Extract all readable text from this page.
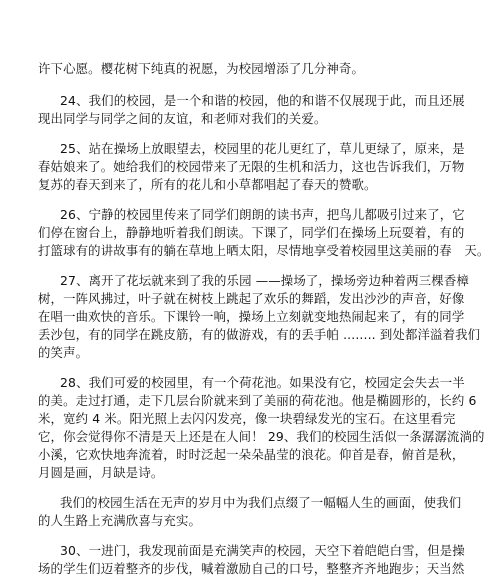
许下心愿。樱花树下纯真的祝愿，为校园增添了几分神奇。
24、我们的校园，是一个和谐的校园，他的和谐不仅展现于此，而且还展
现出同学与同学之间的友谊，和老师对我们的关爱。
25、站在操场上放眼望去，校园里的花儿更红了，草儿更绿了，原来，是
春姑娘来了。她给我们的校园带来了无限的生机和活力，这也告诉我们，万物
复苏的春天到来了，所有的花儿和小草都唱起了春天的赞歌。
26、宁静的校园里传来了同学们朗朗的读书声，把鸟儿都吸引过来了，它
们停在窗台上，静静地听着我们朗读。下课了，同学们在操场上玩耍着，有的
打篮球有的讲故事有的躺在草地上晒太阳，尽情地享受着校园里这美丽的春　天。
27、离开了花坛就来到了我的乐园 ——操场了，操场旁边种着两三棵香樟
树，一阵风拂过，叶子就在树枝上跳起了欢乐的舞蹈，发出沙沙的声音，好像
在唱一曲欢快的音乐。下课铃一响，操场上立刻就变地热闹起来了，有的同学
丢沙包，有的同学在跳皮筋，有的做游戏，有的丢手帕 ........ 到处都洋溢着我们
的笑声。
28、我们可爱的校园里，有一个荷花池。如果没有它，校园定会失去一半
的美。走过打通，走下几层台阶就来到了美丽的荷花池。他是椭圆形的，长约 6
米，宽约 4 米。阳光照上去闪闪发亮，像一块碧绿发光的宝石。在这里看完
它，你会觉得你不清是天上还是在人间！ 29、我们的校园生活似一条潺潺流淌的
小溪，它欢快地奔流着，时时泛起一朵朵晶莹的浪花。仰首是春，俯首是秋，
月圆是画，月缺是诗。
我们的校园生活在无声的岁月中为我们点缀了一幅幅人生的画面，使我们
的人生路上充满欣喜与充实。
30、一进门，我发现前面是充满笑声的校园，天空下着皑皑白雪，但是操
场的学生们迈着整齐的步伐，喊着激励自己的口号，整整齐齐地跑步；天当然
